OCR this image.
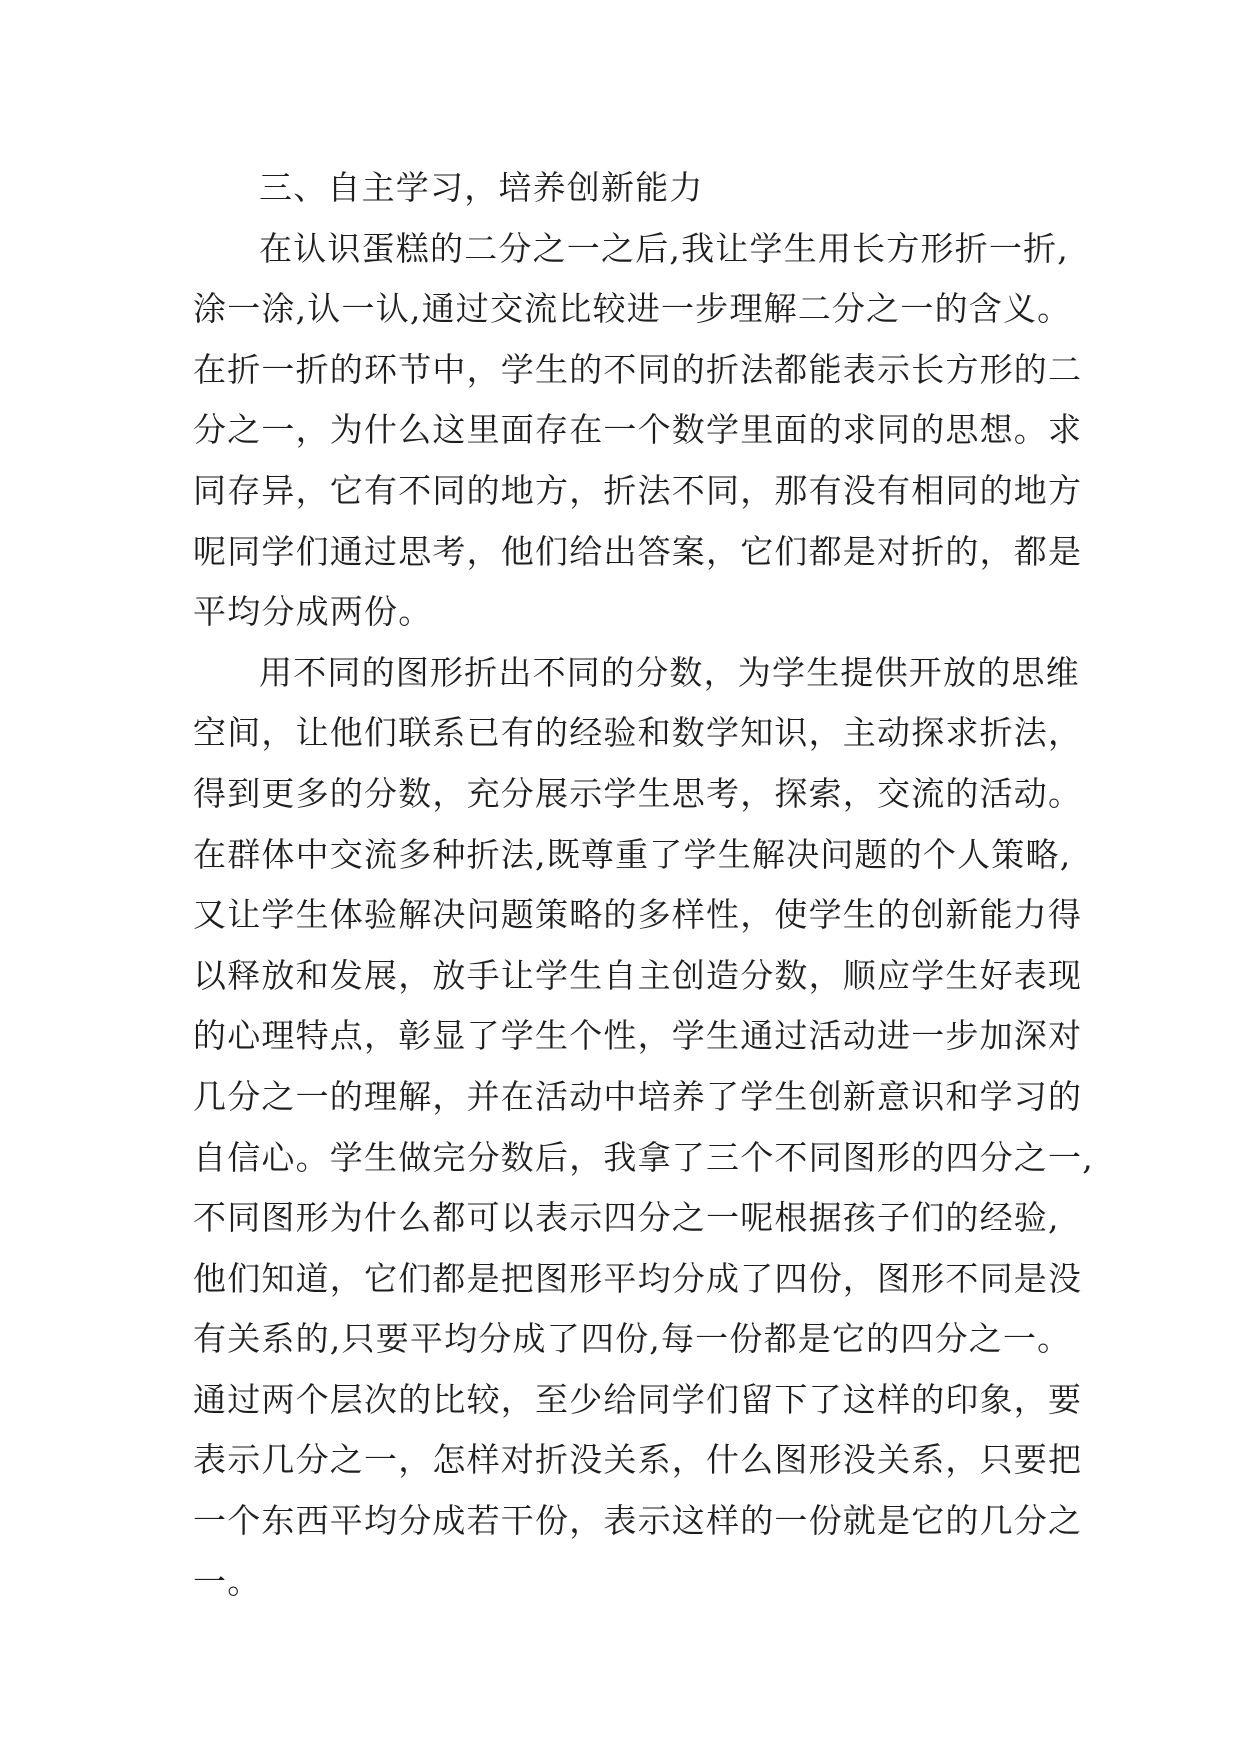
三、自主学习，培养创新能力
在认识蛋糕的二分之一之后,我让学生用长方形折一折,
涂一涂,认一认,通过交流比较进一步理解二分之一的含义。
在折一折的环节中，学生的不同的折法都能表示长方形的二
分之一，为什么这里面存在一个数学里面的求同的思想。求
同存异，它有不同的地方，折法不同，那有没有相同的地方
呢同学们通过思考，他们给出答案，它们都是对折的，都是
平均分成两份。
用不同的图形折出不同的分数，为学生提供开放的思维
空间，让他们联系已有的经验和数学知识，主动探求折法，
得到更多的分数，充分展示学生思考，探索，交流的活动。
在群体中交流多种折法,既尊重了学生解决问题的个人策略,
又让学生体验解决问题策略的多样性，使学生的创新能力得
以释放和发展，放手让学生自主创造分数，顺应学生好表现
的心理特点，彰显了学生个性，学生通过活动进一步加深对
几分之一的理解，并在活动中培养了学生创新意识和学习的
自信心。学生做完分数后，我拿了三个不同图形的四分之一,
不同图形为什么都可以表示四分之一呢根据孩子们的经验,
他们知道，它们都是把图形平均分成了四份，图形不同是没
有关系的,只要平均分成了四份,每一份都是它的四分之一。
通过两个层次的比较，至少给同学们留下了这样的印象，要
表示几分之一，怎样对折没关系，什么图形没关系，只要把
一个东西平均分成若干份，表示这样的一份就是它的几分之
一。
